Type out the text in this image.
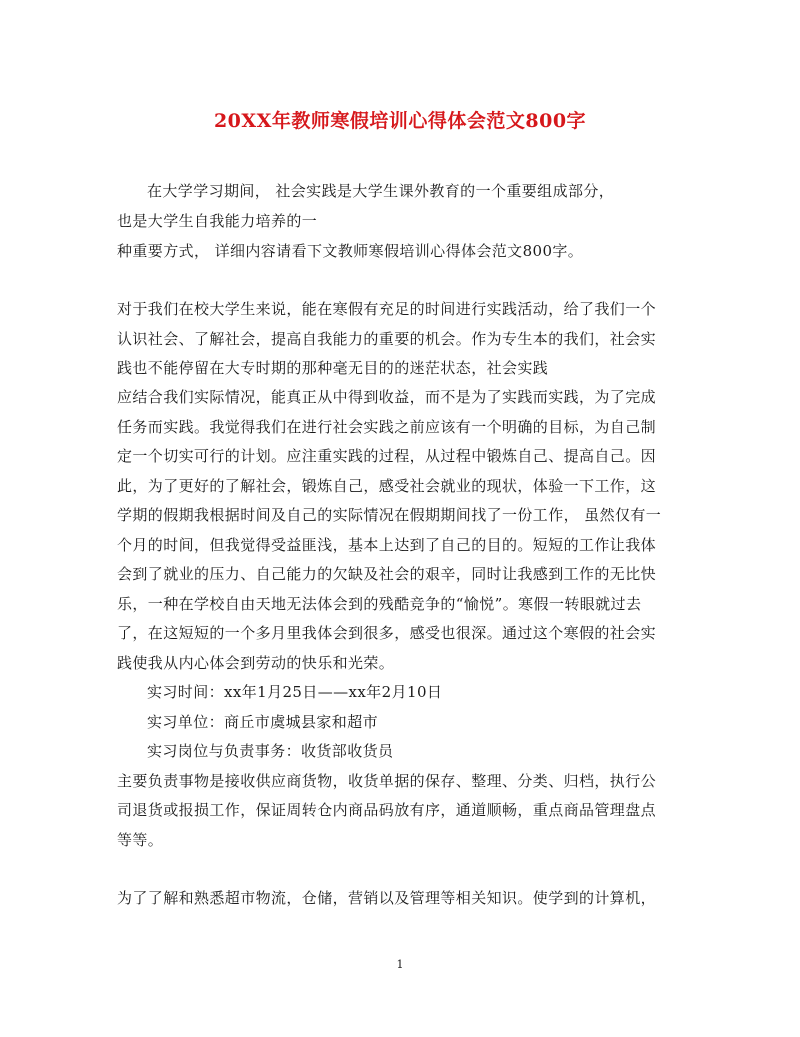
20XX年教师寒假培训心得体会范文800字
在大学学习期间， 社会实践是大学生课外教育的一个重要组成部分，
也是大学生自我能力培养的一
种重要方式， 详细内容请看下文教师寒假培训心得体会范文800字。
对于我们在校大学生来说，能在寒假有充足的时间进行实践活动，给了我们一个
认识社会、了解社会，提高自我能力的重要的机会。作为专生本的我们，社会实
践也不能停留在大专时期的那种毫无目的的迷茫状态，社会实践
应结合我们实际情况，能真正从中得到收益，而不是为了实践而实践，为了完成
任务而实践。我觉得我们在进行社会实践之前应该有一个明确的目标，为自己制
定一个切实可行的计划。应注重实践的过程，从过程中锻炼自己、提高自己。因
此，为了更好的了解社会，锻炼自己，感受社会就业的现状，体验一下工作，这
学期的假期我根据时间及自己的实际情况在假期期间找了一份工作， 虽然仅有一
个月的时间，但我觉得受益匪浅，基本上达到了自己的目的。短短的工作让我体
会到了就业的压力、自己能力的欠缺及社会的艰辛，同时让我感到工作的无比快
乐，一种在学校自由天地无法体会到的残酷竞争的“愉悦”。寒假一转眼就过去
了，在这短短的一个多月里我体会到很多，感受也很深。通过这个寒假的社会实
践使我从内心体会到劳动的快乐和光荣。
实习时间：xx年1月25日——xx年2月10日
实习单位：商丘市虞城县家和超市
实习岗位与负责事务：收货部收货员
主要负责事物是接收供应商货物，收货单据的保存、整理、分类、归档，执行公
司退货或报损工作，保证周转仓内商品码放有序，通道顺畅，重点商品管理盘点
等等。
为了了解和熟悉超市物流，仓储，营销以及管理等相关知识。使学到的计算机，
1
